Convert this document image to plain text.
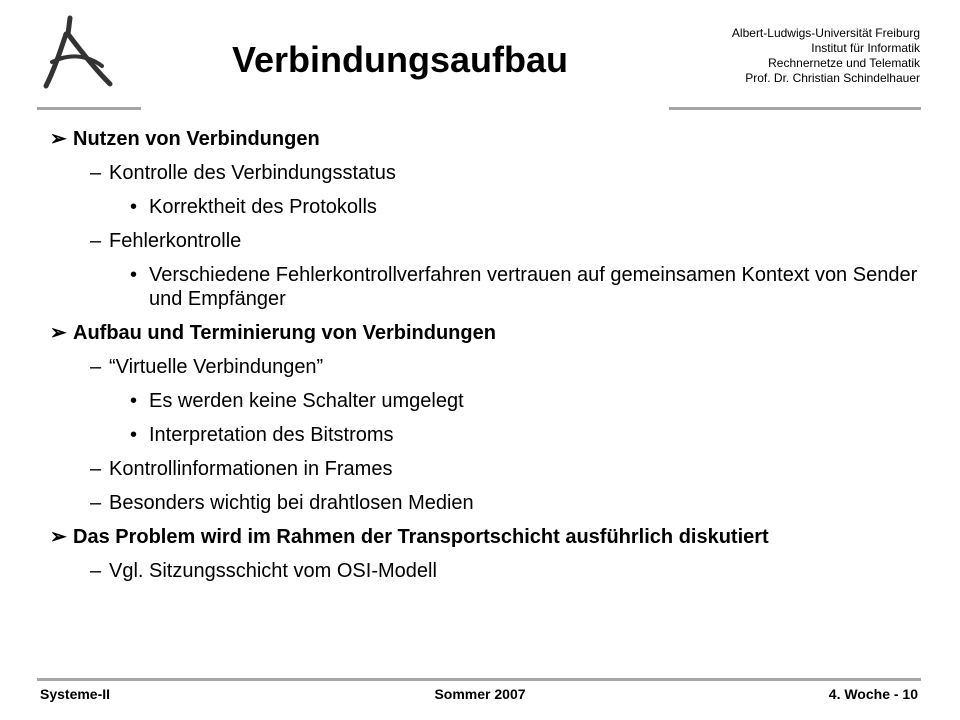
Verbindungsaufbau
Albert-Ludwigs-Universität Freiburg
Institut für Informatik
Rechnernetze und Telematik
Prof. Dr. Christian Schindelhauer
➢ Nutzen von Verbindungen
– Kontrolle des Verbindungsstatus
• Korrektheit des Protokolls
– Fehlerkontrolle
• Verschiedene Fehlerkontrollverfahren vertrauen auf gemeinsamen Kontext von Sender und Empfänger
➢ Aufbau und Terminierung von Verbindungen
– “Virtuelle Verbindungen”
• Es werden keine Schalter umgelegt
• Interpretation des Bitstroms
– Kontrollinformationen in Frames
– Besonders wichtig bei drahtlosen Medien
➢ Das Problem wird im Rahmen der Transportschicht ausführlich diskutiert
– Vgl. Sitzungsschicht vom OSI-Modell
Systeme-II	Sommer 2007	4. Woche - 10
